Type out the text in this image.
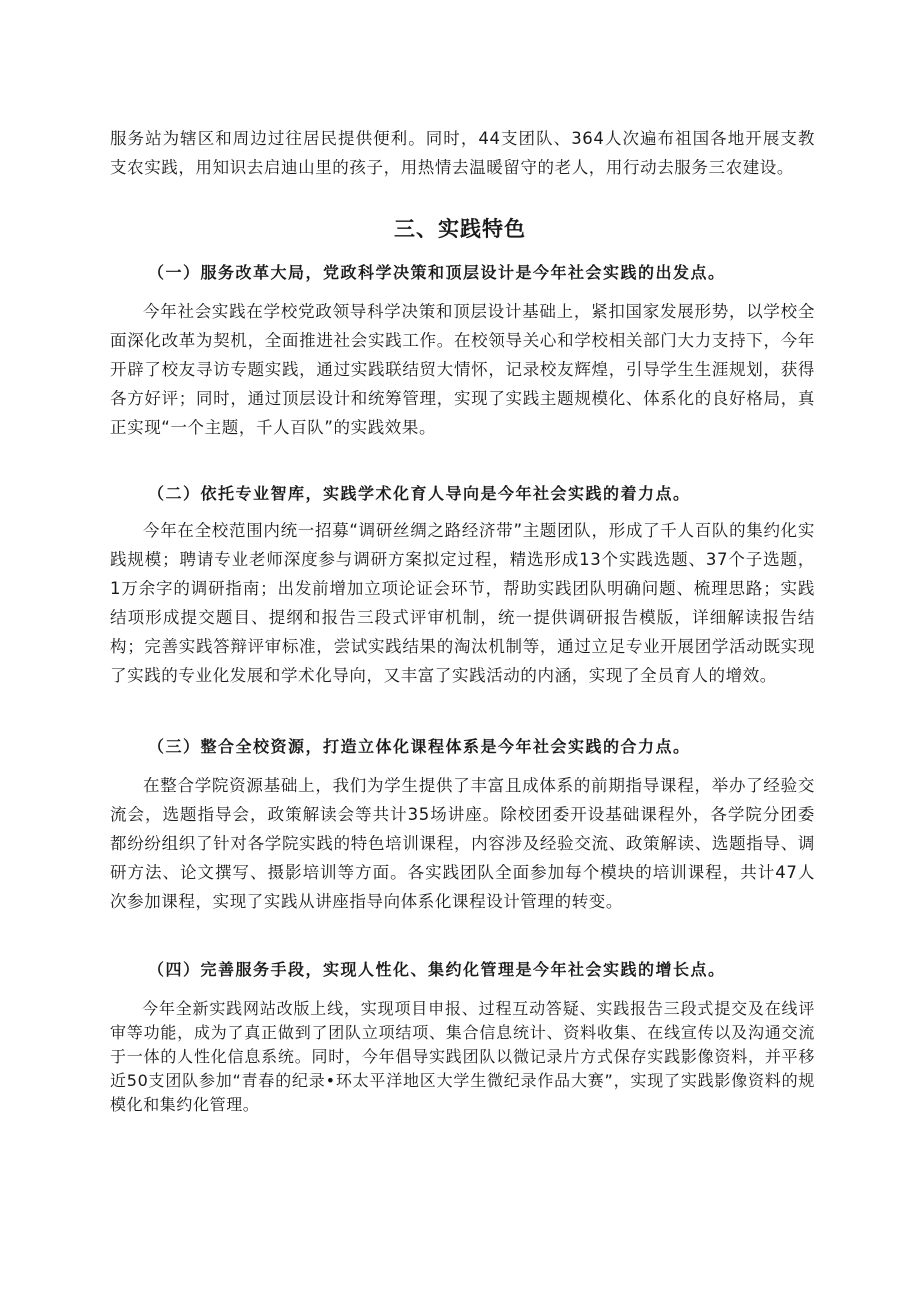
服务站为辖区和周边过往居民提供便利。同时，44支团队、364人次遍布祖国各地开展支教支农实践，用知识去启迪山里的孩子，用热情去温暖留守的老人，用行动去服务三农建设。

三、实践特色

（一）服务改革大局，党政科学决策和顶层设计是今年社会实践的出发点。

今年社会实践在学校党政领导科学决策和顶层设计基础上，紧扣国家发展形势，以学校全面深化改革为契机，全面推进社会实践工作。在校领导关心和学校相关部门大力支持下，今年开辟了校友寻访专题实践，通过实践联结贸大情怀，记录校友辉煌，引导学生生涯规划，获得各方好评；同时，通过顶层设计和统筹管理，实现了实践主题规模化、体系化的良好格局，真正实现“一个主题，千人百队”的实践效果。

（二）依托专业智库，实践学术化育人导向是今年社会实践的着力点。

今年在全校范围内统一招募“调研丝绸之路经济带”主题团队，形成了千人百队的集约化实践规模；聘请专业老师深度参与调研方案拟定过程，精选形成13个实践选题、37个子选题，1万余字的调研指南；出发前增加立项论证会环节，帮助实践团队明确问题、梳理思路；实践结项形成提交题目、提纲和报告三段式评审机制，统一提供调研报告模版，详细解读报告结构；完善实践答辩评审标准，尝试实践结果的淘汰机制等，通过立足专业开展团学活动既实现了实践的专业化发展和学术化导向，又丰富了实践活动的内涵，实现了全员育人的增效。

（三）整合全校资源，打造立体化课程体系是今年社会实践的合力点。

在整合学院资源基础上，我们为学生提供了丰富且成体系的前期指导课程，举办了经验交流会，选题指导会，政策解读会等共计35场讲座。除校团委开设基础课程外，各学院分团委都纷纷组织了针对各学院实践的特色培训课程，内容涉及经验交流、政策解读、选题指导、调研方法、论文撰写、摄影培训等方面。各实践团队全面参加每个模块的培训课程，共计47人次参加课程，实现了实践从讲座指导向体系化课程设计管理的转变。

（四）完善服务手段，实现人性化、集约化管理是今年社会实践的增长点。

今年全新实践网站改版上线，实现项目申报、过程互动答疑、实践报告三段式提交及在线评审等功能，成为了真正做到了团队立项结项、集合信息统计、资料收集、在线宣传以及沟通交流于一体的人性化信息系统。同时，今年倡导实践团队以微记录片方式保存实践影像资料，并平移近50支团队参加“青春的纪录•环太平洋地区大学生微纪录作品大赛”，实现了实践影像资料的规模化和集约化管理。
